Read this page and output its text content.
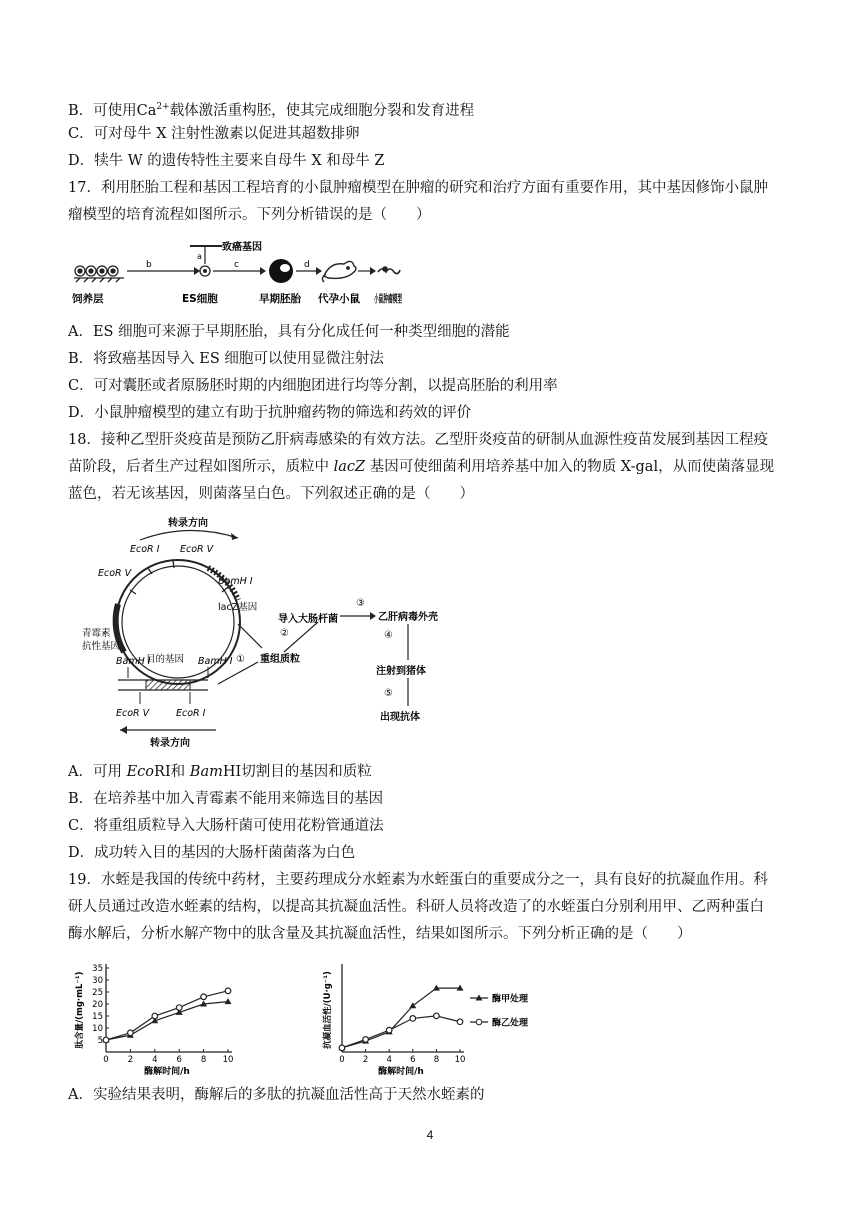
B．可使用$Ca^{2+}$载体激活重构胚，使其完成细胞分裂和发育进程
C．可对母牛 X 注射性激素以促进其超数排卵
D．犊牛 W 的遗传特性主要来自母牛 X 和母牛 Z
17．利用胚胎工程和基因工程培育的小鼠肿瘤模型在肿瘤的研究和治疗方面有重要作用，其中基因修饰小鼠肿
瘤模型的培育流程如图所示。下列分析错误的是（　　）
b
a
致癌基因
c	d
饲养层	ES细胞	早期胚胎 代孕小鼠 小鼠肿瘤模型
A．ES 细胞可来源于早期胚胎，具有分化成任何一种类型细胞的潜能
B．将致癌基因导入 ES 细胞可以使用显微注射法
C．可对囊胚或者原肠胚时期的内细胞团进行均等分割，以提高胚胎的利用率
D．小鼠肿瘤模型的建立有助于抗肿瘤药物的筛选和药效的评价
18．接种乙型肝炎疫苗是预防乙肝病毒感染的有效方法。乙型肝炎疫苗的研制从血源性疫苗发展到基因工程疫
苗阶段，后者生产过程如图所示，质粒中 lacZ 基因可使细菌利用培养基中加入的物质 X-gal，从而使菌落显现
蓝色，若无该基因，则菌落呈白色。下列叙述正确的是（　　）
转录方向
EcoR Ⅰ EcoR Ⅴ
EcoR Ⅴ
BamH Ⅰ
lacZ基因
青霉素
抗性基因
BamH Ⅰ	BamH Ⅰ
目的基因
EcoR Ⅴ	EcoR Ⅰ
转录方向
① 重组质粒
②
导入大肠杆菌
③
乙肝病毒外壳
④
注射到猪体
⑤
出现抗体
A．可用 EcoRⅠ和 BamHⅠ切割目的基因和质粒
B．在培养基中加入青霉素不能用来筛选目的基因
C．将重组质粒导入大肠杆菌可使用花粉管通道法
D．成功转入目的基因的大肠杆菌菌落为白色
19．水蛭是我国的传统中药材，主要药理成分水蛭素为水蛭蛋白的重要成分之一，具有良好的抗凝血作用。科
研人员通过改造水蛭素的结构，以提高其抗凝血活性。科研人员将改造了的水蛭蛋白分别利用甲、乙两种蛋白
酶水解后，分析水解产物中的肽含量及其抗凝血活性，结果如图所示。下列分析正确的是（　　）
0 2 4 6 8 10
5
10
15
20
25
30
35
酶解时间/h
肽含量/(mg·mL⁻¹)
0 2 4 6 8 10
酶解时间/h
抗凝血活性/(U·g⁻¹)	酶甲处理
酶乙处理
A．实验结果表明，酶解后的多肽的抗凝血活性高于天然水蛭素的
4
